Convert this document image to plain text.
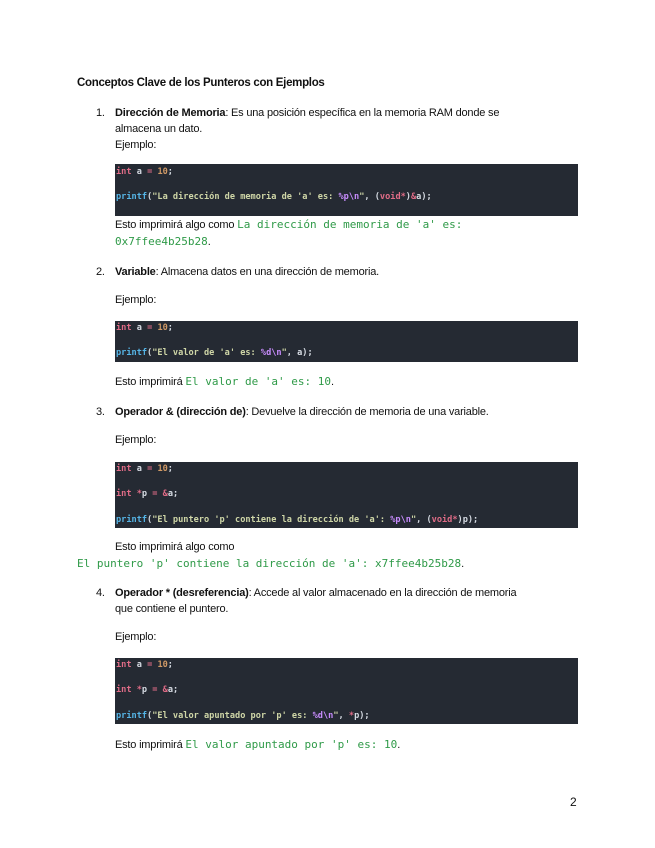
Conceptos Clave de los Punteros con Ejemplos
1. Dirección de Memoria: Es una posición específica en la memoria RAM donde se
almacena un dato.
Ejemplo:
int a = 10;
printf("La dirección de memoria de 'a' es: %p\n", (void*)&a);
Esto imprimirá algo como La dirección de memoria de 'a' es:
0x7ffee4b25b28.
2. Variable: Almacena datos en una dirección de memoria.
Ejemplo:
int a = 10;
printf("El valor de 'a' es: %d\n", a);
Esto imprimirá El valor de 'a' es: 10.
3. Operador & (dirección de): Devuelve la dirección de memoria de una variable.
Ejemplo:
int a = 10;
int *p = &a;
printf("El puntero 'p' contiene la dirección de 'a': %p\n", (void*)p);
Esto imprimirá algo como
El puntero 'p' contiene la dirección de 'a': x7ffee4b25b28.
4. Operador * (desreferencia): Accede al valor almacenado en la dirección de memoria
que contiene el puntero.
Ejemplo:
int a = 10;
int *p = &a;
printf("El valor apuntado por 'p' es: %d\n", *p);
Esto imprimirá El valor apuntado por 'p' es: 10.
2
